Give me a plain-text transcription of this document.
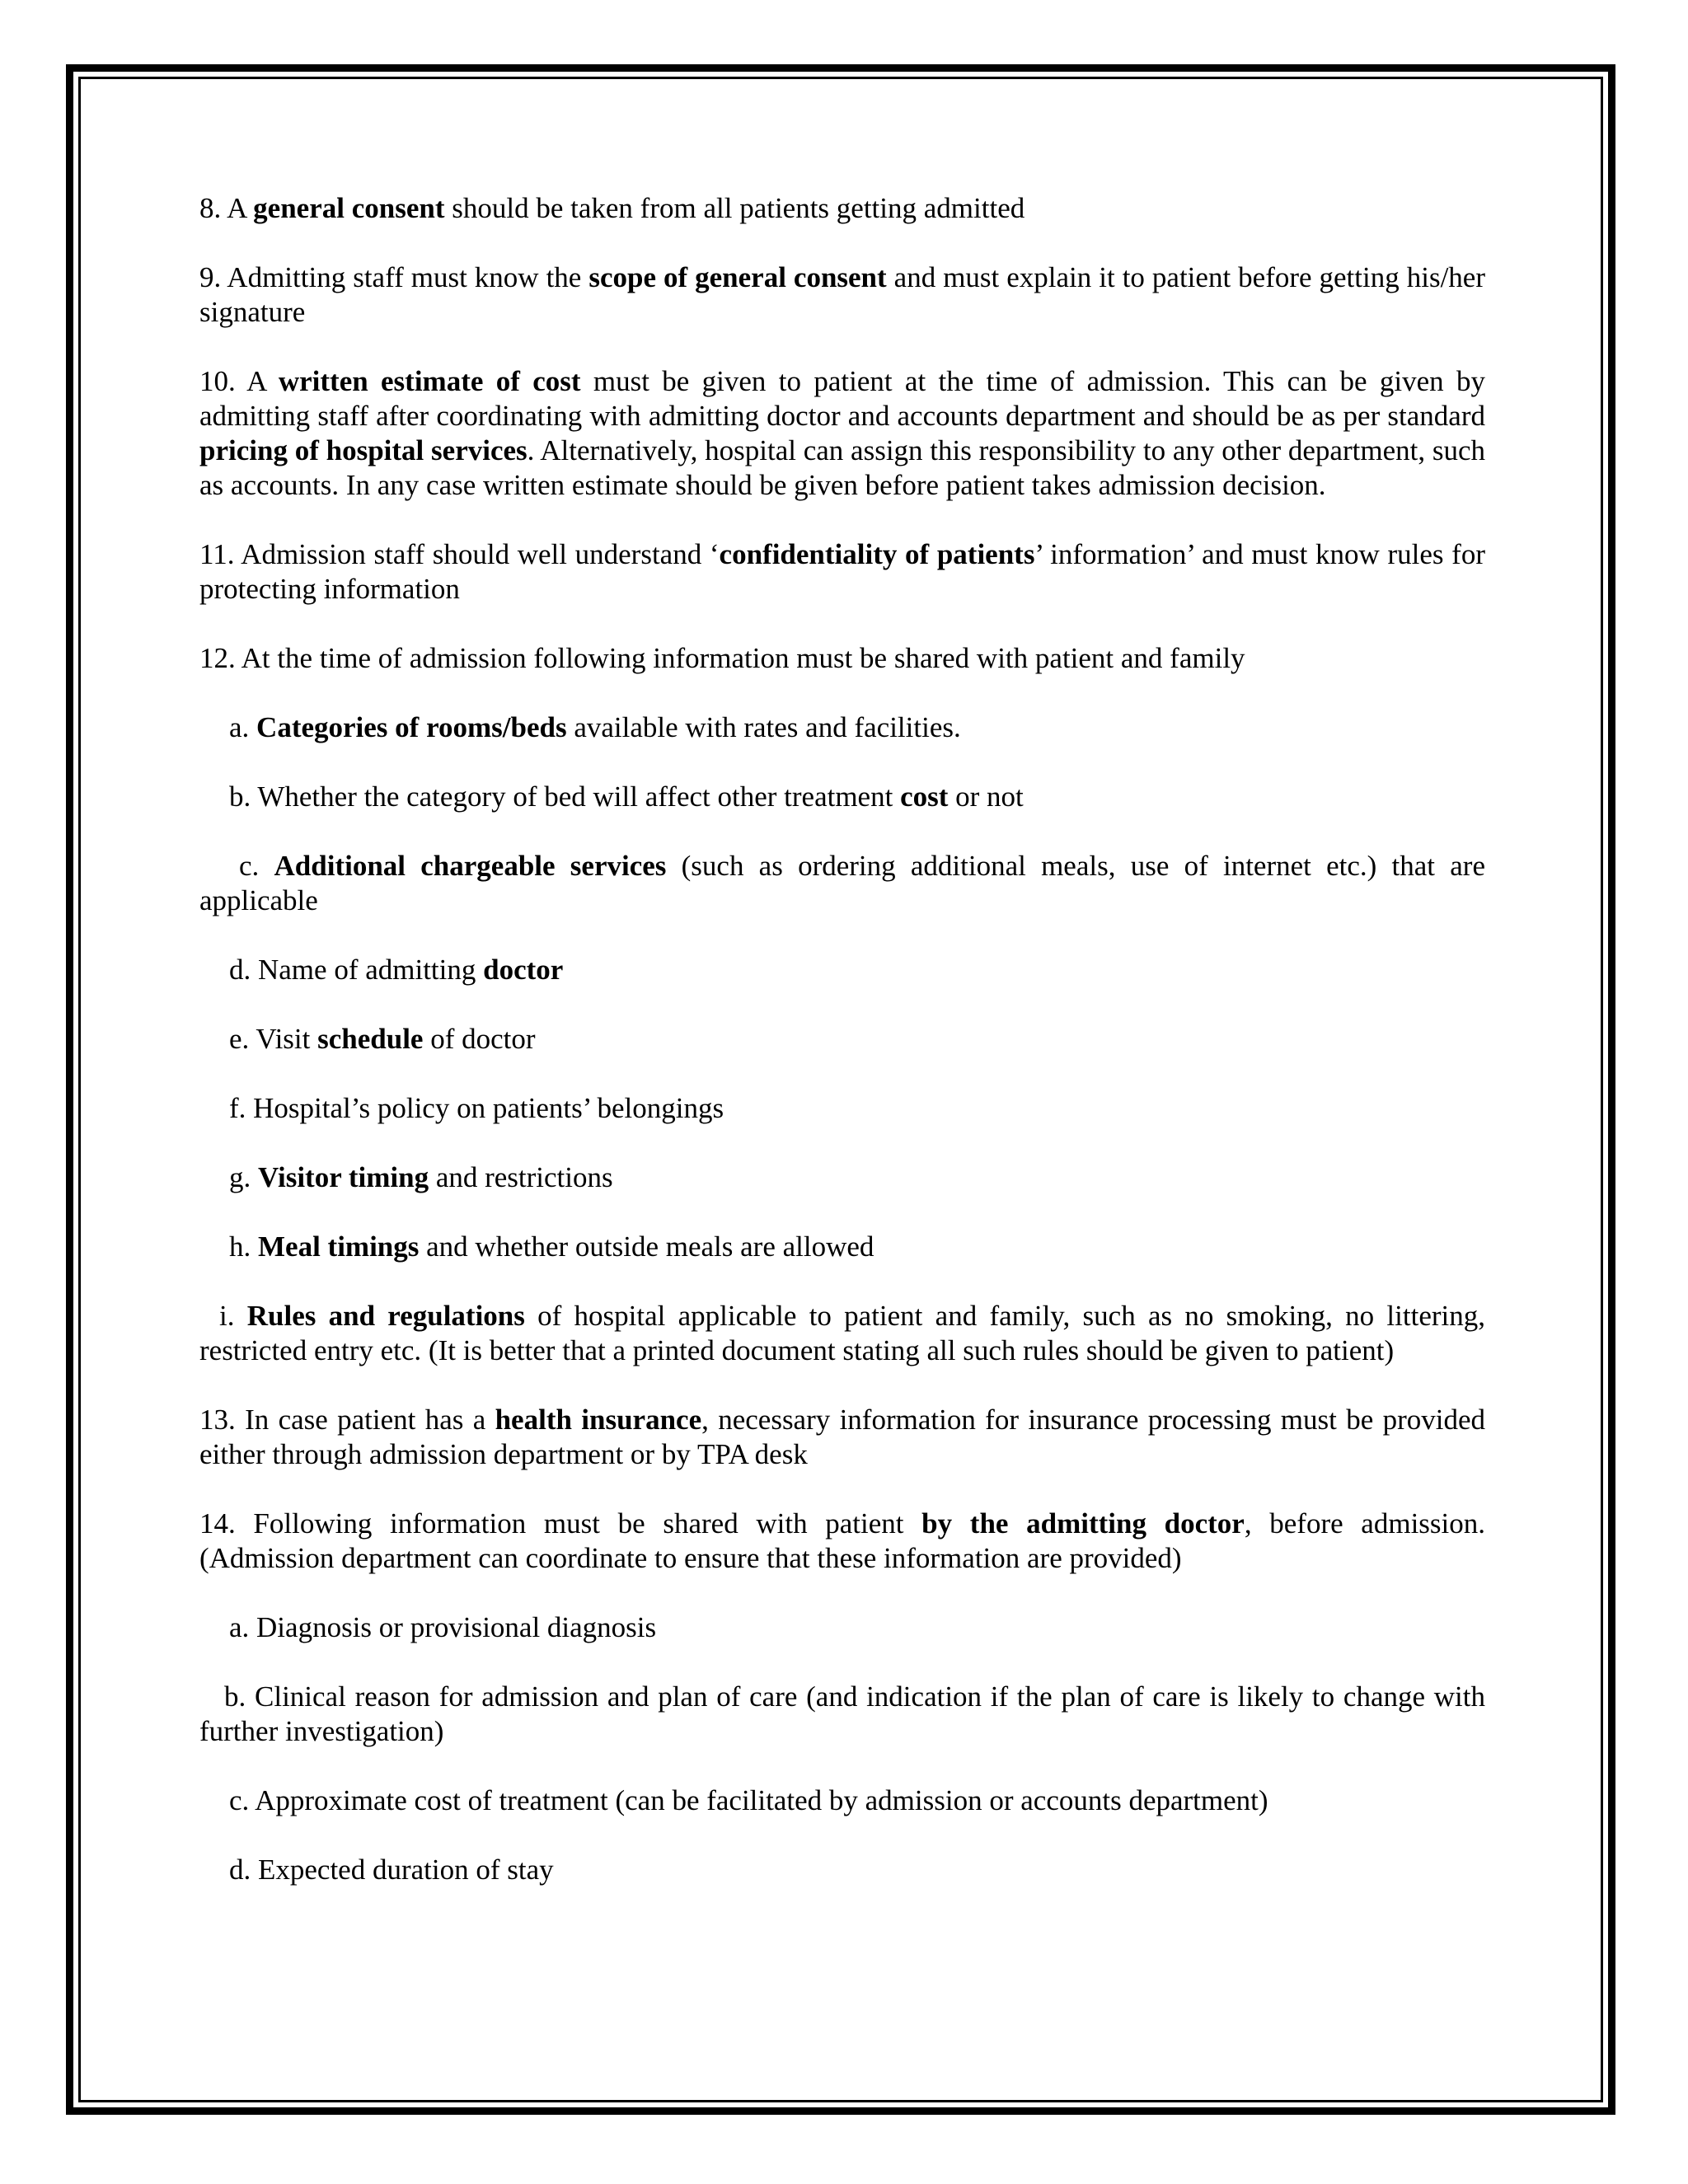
8. A general consent should be taken from all patients getting admitted

9. Admitting staff must know the scope of general consent and must explain it to patient before getting his/her signature

10. A written estimate of cost must be given to patient at the time of admission. This can be given by admitting staff after coordinating with admitting doctor and accounts department and should be as per standard pricing of hospital services. Alternatively, hospital can assign this responsibility to any other department, such as accounts. In any case written estimate should be given before patient takes admission decision.

11. Admission staff should well understand ‘confidentiality of patients’ information’ and must know rules for protecting information

12. At the time of admission following information must be shared with patient and family

a. Categories of rooms/beds available with rates and facilities.

b. Whether the category of bed will affect other treatment cost or not

c. Additional chargeable services (such as ordering additional meals, use of internet etc.) that are applicable

d. Name of admitting doctor

e. Visit schedule of doctor

f. Hospital’s policy on patients’ belongings

g. Visitor timing and restrictions

h. Meal timings and whether outside meals are allowed

i. Rules and regulations of hospital applicable to patient and family, such as no smoking, no littering, restricted entry etc. (It is better that a printed document stating all such rules should be given to patient)

13. In case patient has a health insurance, necessary information for insurance processing must be provided either through admission department or by TPA desk

14. Following information must be shared with patient by the admitting doctor, before admission. (Admission department can coordinate to ensure that these information are provided)

a. Diagnosis or provisional diagnosis

b. Clinical reason for admission and plan of care (and indication if the plan of care is likely to change with further investigation)

c. Approximate cost of treatment (can be facilitated by admission or accounts department)

d. Expected duration of stay
